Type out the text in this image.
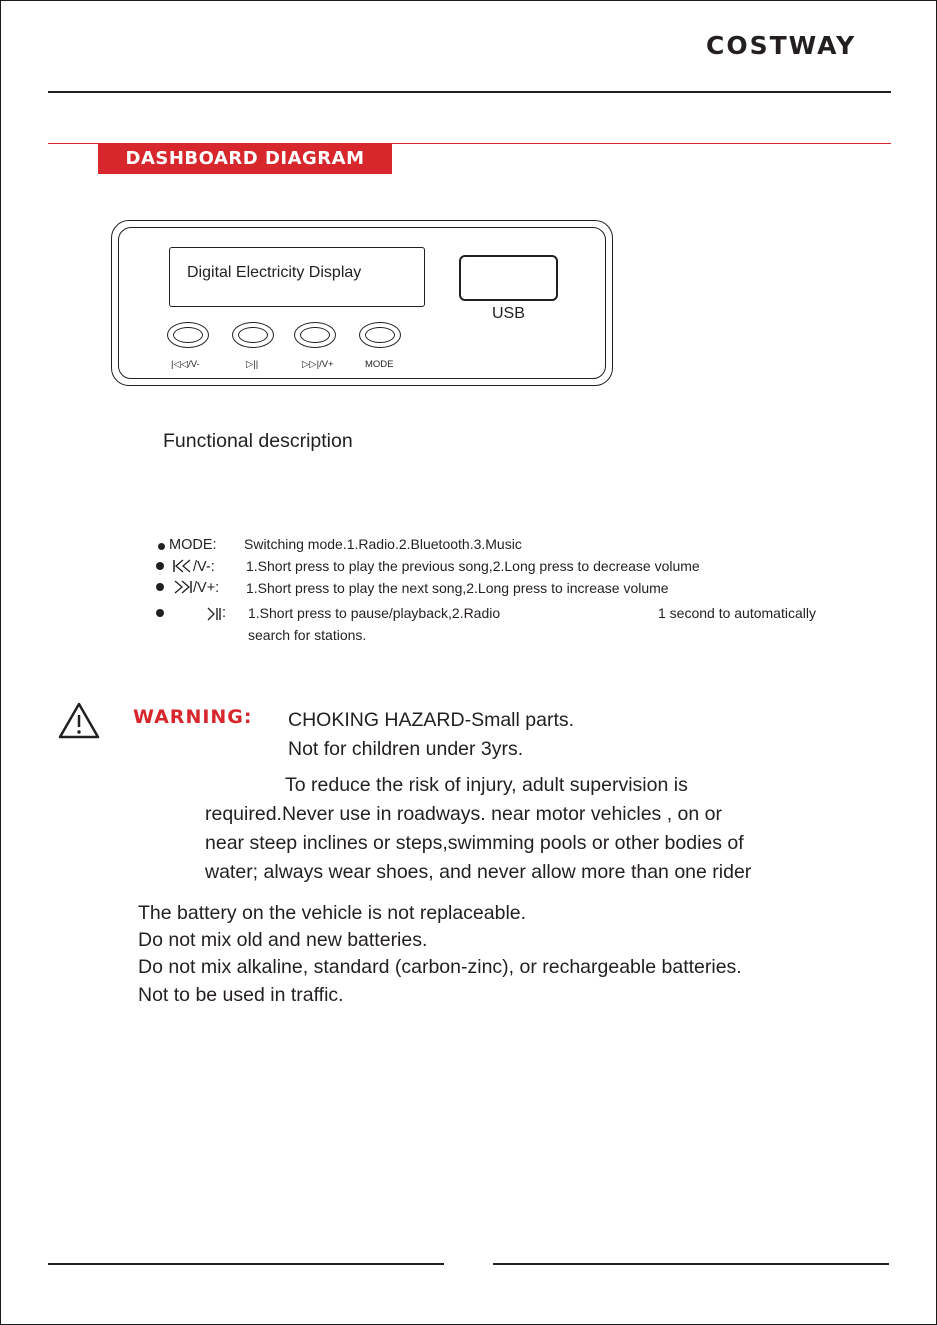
COSTWAY
DASHBOARD DIAGRAM
Digital Electricity Display
USB
|◁◁/V-	▷||	▷▷|/V+	MODE
Functional description
MODE: Switching mode.1.Radio.2.Bluetooth.3.Music
/V-: 1.Short press to play the previous song,2.Long press to decrease volume
/V+: 1.Short press to play the next song,2.Long press to increase volume
: 1.Short press to pause/playback,2.Radio	1 second to automatically
search for stations.
WARNING: CHOKING HAZARD-Small parts.
Not for children under 3yrs.
To reduce the risk of injury, adult supervision is
required.Never use in roadways. near motor vehicles , on or
near steep inclines or steps,swimming pools or other bodies of
water; always wear shoes, and never allow more than one rider
The battery on the vehicle is not replaceable.
Do not mix old and new batteries.
Do not mix alkaline, standard (carbon-zinc), or rechargeable batteries.
Not to be used in traffic.
